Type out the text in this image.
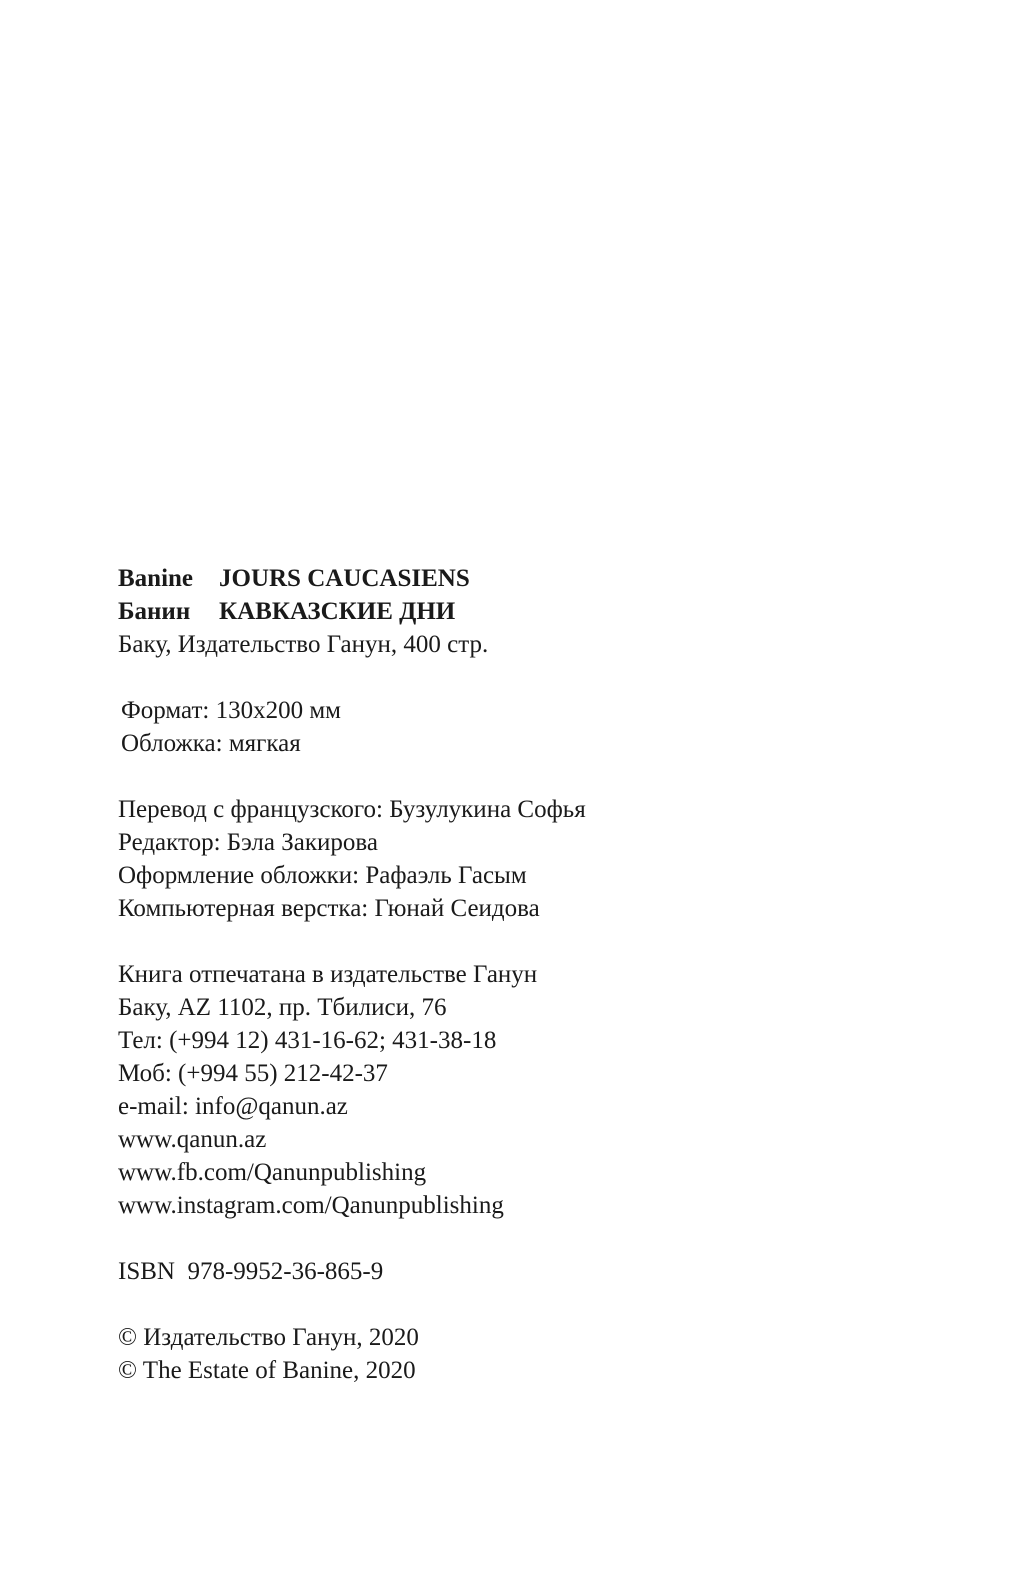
Banine	JOURS CAUCASIENS
Банин	КАВКАЗСКИЕ ДНИ
Баку, Издательство Ганун, 400 стр.
Формат: 130х200 мм
Обложка: мягкая
Перевод с французского: Бузулукина Софья
Редактор: Бэла Закирова
Оформление обложки: Рафаэль Гасым
Компьютерная верстка: Гюнай Сеидова
Книга отпечатана в издательстве Ганун
Баку, AZ 1102, пр. Тбилиси, 76
Тел: (+994 12) 431-16-62; 431-38-18
Моб: (+994 55) 212-42-37
e-mail: info@qanun.az
www.qanun.az
www.fb.com/Qanunpublishing
www.instagram.com/Qanunpublishing
ISBN  978-9952-36-865-9
© Издательство Ганун, 2020
© The Estate of Banine, 2020
